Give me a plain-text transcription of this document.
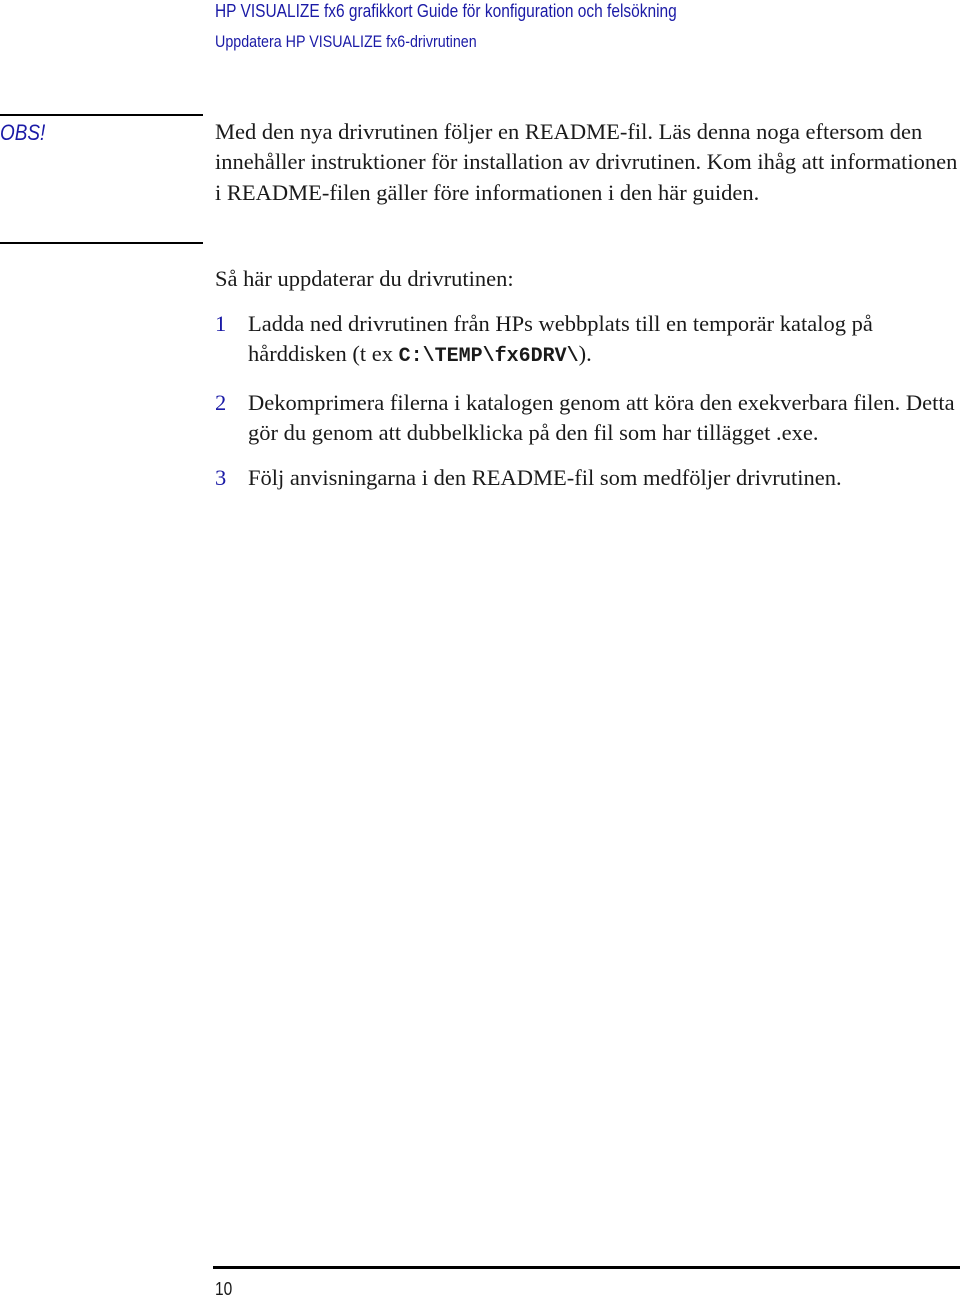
HP VISUALIZE fx6 grafikkort Guide för konfiguration och felsökning
Uppdatera HP VISUALIZE fx6-drivrutinen
OBS!	Med den nya drivrutinen följer en README-fil. Läs denna noga eftersom den innehåller instruktioner för installation av drivrutinen. Kom ihåg att informationen i README-filen gäller före informationen i den här guiden.

Så här uppdaterar du drivrutinen:

1 Ladda ned drivrutinen från HPs webbplats till en temporär katalog på hårddisken (t ex C:\TEMP\fx6DRV\).
2 Dekomprimera filerna i katalogen genom att köra den exekverbara filen. Detta gör du genom att dubbelklicka på den fil som har tillägget .exe.
3 Följ anvisningarna i den README-fil som medföljer drivrutinen.
10
